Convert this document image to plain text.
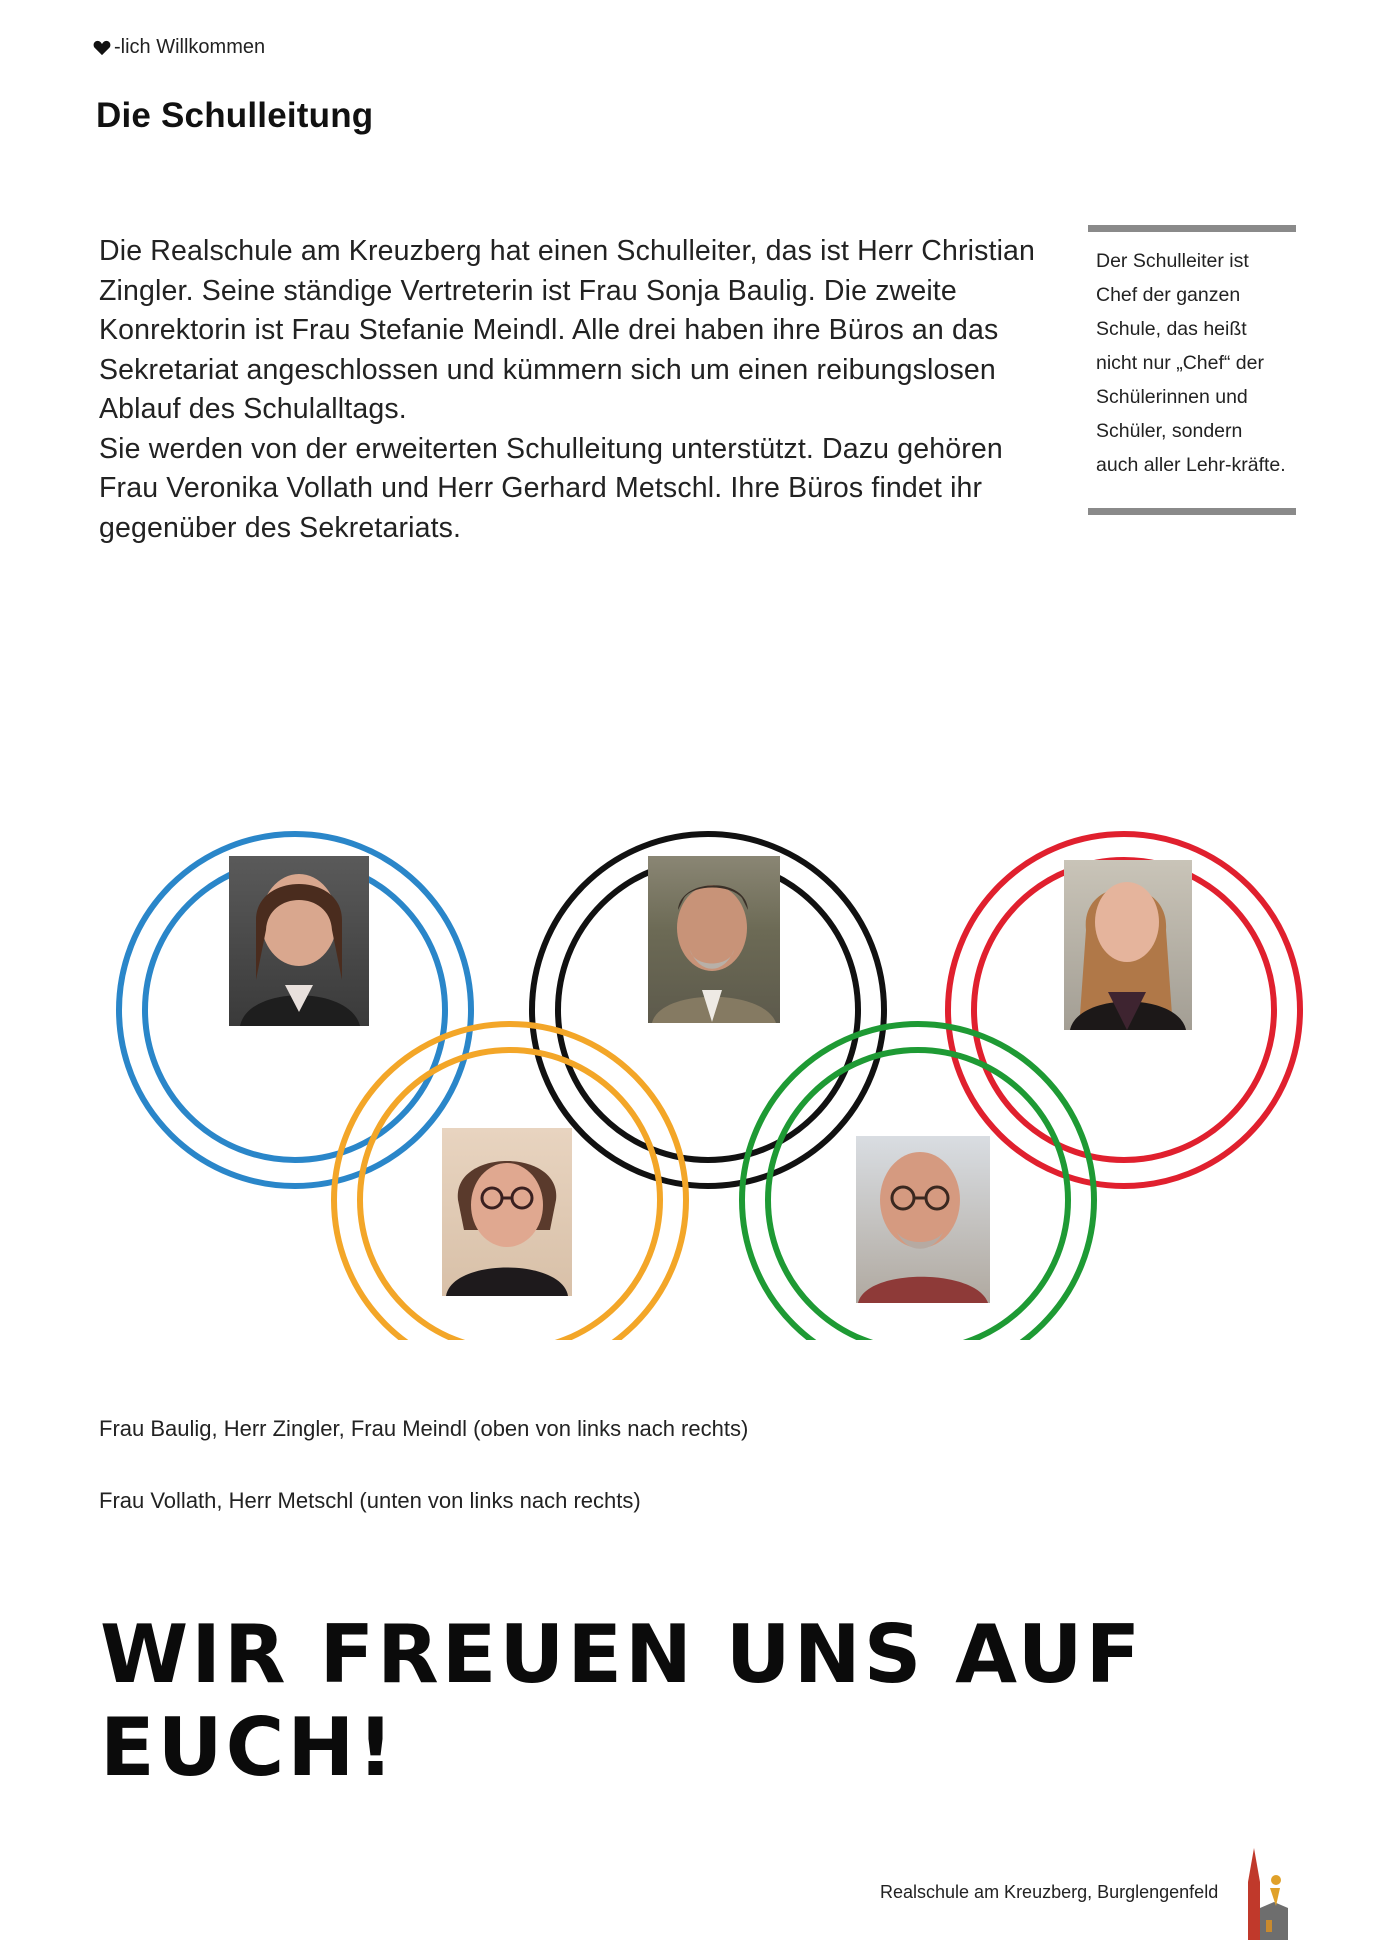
-lich Willkommen
Die Schulleitung

Die Realschule am Kreuzberg hat einen Schulleiter, das ist Herr Christian Zingler. Seine ständige Vertreterin ist Frau Sonja Baulig. Die zweite Konrektorin ist Frau Stefanie Meindl. Alle drei haben ihre Büros an das Sekretariat angeschlossen und kümmern sich um einen reibungslosen Ablauf des Schulalltags.

Sie werden von der erweiterten Schulleitung unterstützt. Dazu gehören Frau Veronika Vollath und Herr Gerhard Metschl. Ihre Büros findet ihr gegenüber des Sekretariats.

Der Schulleiter ist Chef der ganzen Schule, das heißt nicht nur „Chef“ der Schülerinnen und Schüler, sondern auch aller Lehr-kräfte.

Frau Baulig, Herr Zingler, Frau Meindl (oben von links nach rechts)

Frau Vollath, Herr Metschl (unten von links nach rechts)

WIR FREUEN UNS AUF EUCH!

Realschule am Kreuzberg, Burglengenfeld
